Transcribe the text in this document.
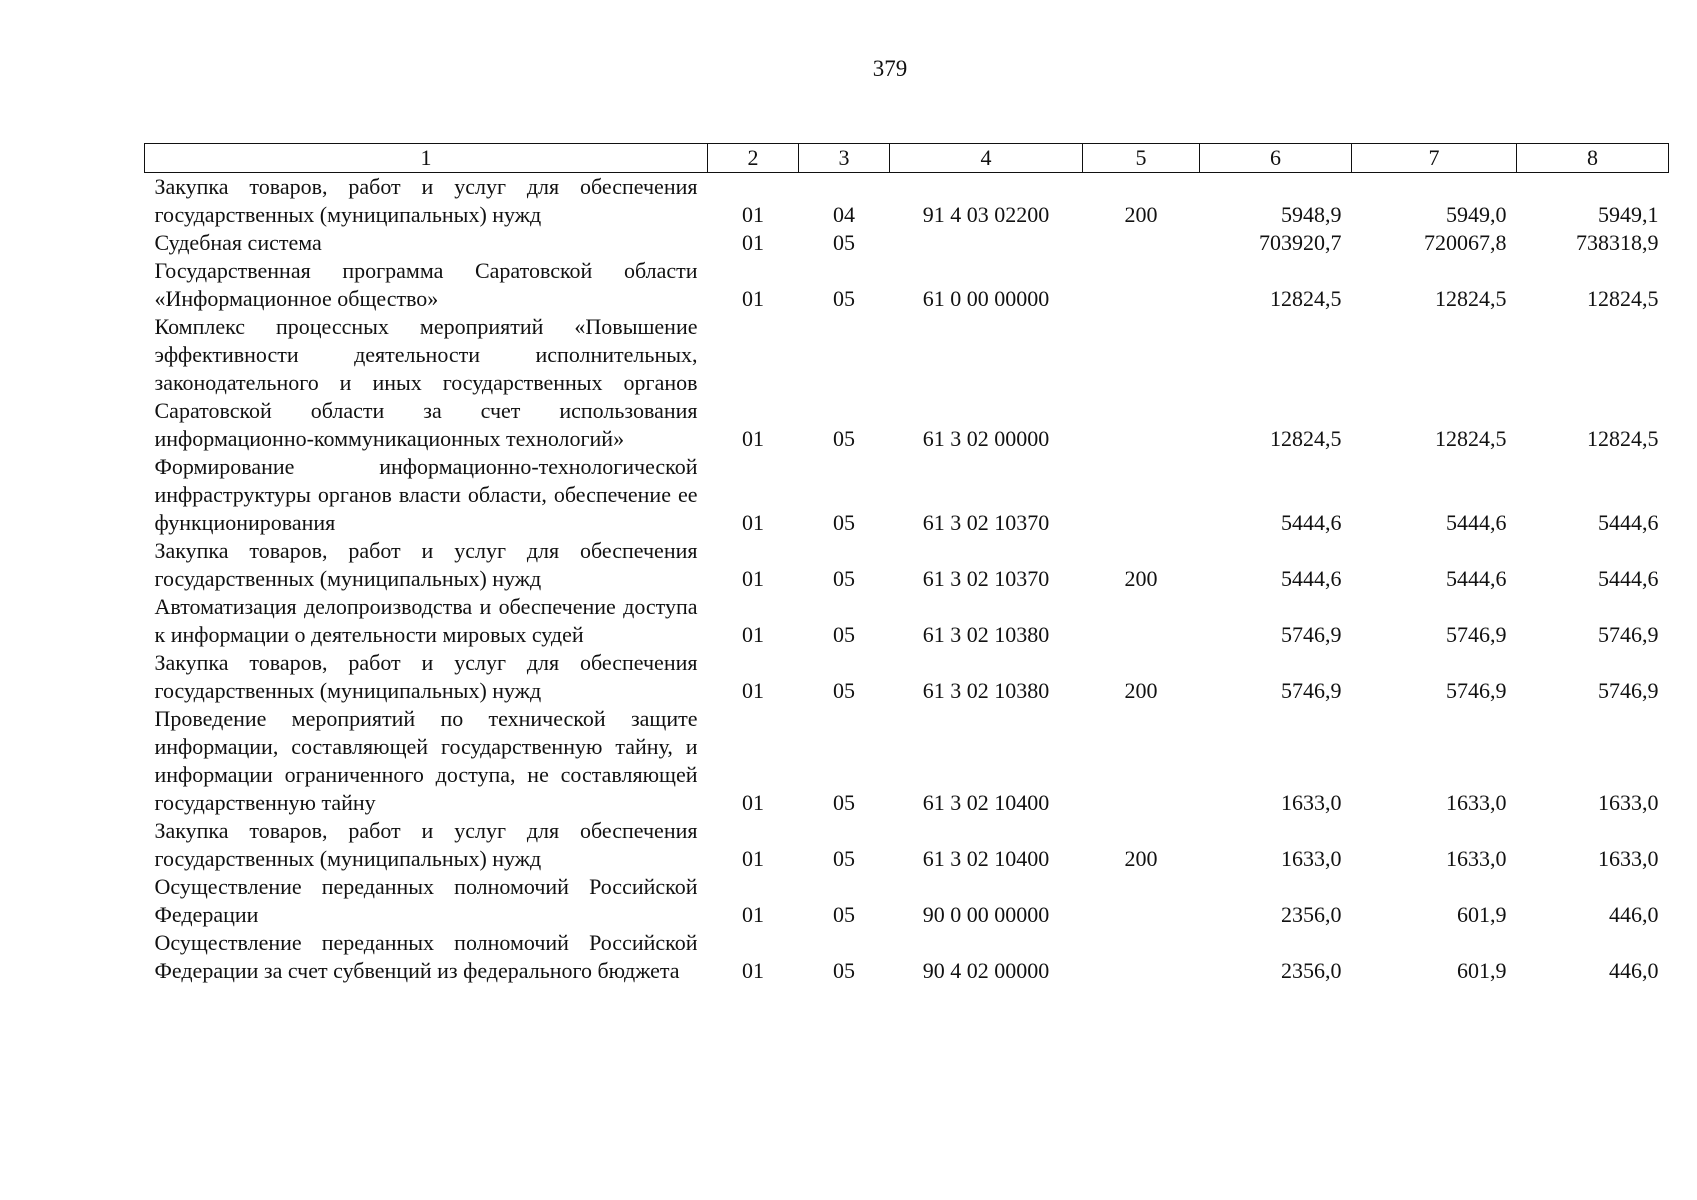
379
1	2	3	4	5	6	7	8
Закупка товаров, работ и услуг для обеспечения государственных (муниципальных) нужд	01	04	91 4 03 02200	200	5948,9	5949,0	5949,1
Судебная система	01	05			703920,7	720067,8	738318,9
Государственная программа Саратовской области «Информационное общество»	01	05	61 0 00 00000		12824,5	12824,5	12824,5
Комплекс процессных мероприятий «Повышение эффективности деятельности исполнительных, законодательного и иных государственных органов Саратовской области за счет использования информационно-коммуникационных технологий»	01	05	61 3 02 00000		12824,5	12824,5	12824,5
Формирование информационно-технологической инфраструктуры органов власти области, обеспечение ее функционирования	01	05	61 3 02 10370		5444,6	5444,6	5444,6
Закупка товаров, работ и услуг для обеспечения государственных (муниципальных) нужд	01	05	61 3 02 10370	200	5444,6	5444,6	5444,6
Автоматизация делопроизводства и обеспечение доступа к информации о деятельности мировых судей	01	05	61 3 02 10380		5746,9	5746,9	5746,9
Закупка товаров, работ и услуг для обеспечения государственных (муниципальных) нужд	01	05	61 3 02 10380	200	5746,9	5746,9	5746,9
Проведение мероприятий по технической защите информации, составляющей государственную тайну, и информации ограниченного доступа, не составляющей государственную тайну	01	05	61 3 02 10400		1633,0	1633,0	1633,0
Закупка товаров, работ и услуг для обеспечения государственных (муниципальных) нужд	01	05	61 3 02 10400	200	1633,0	1633,0	1633,0
Осуществление переданных полномочий Российской Федерации	01	05	90 0 00 00000		2356,0	601,9	446,0
Осуществление переданных полномочий Российской Федерации за счет субвенций из федерального бюджета	01	05	90 4 02 00000		2356,0	601,9	446,0
